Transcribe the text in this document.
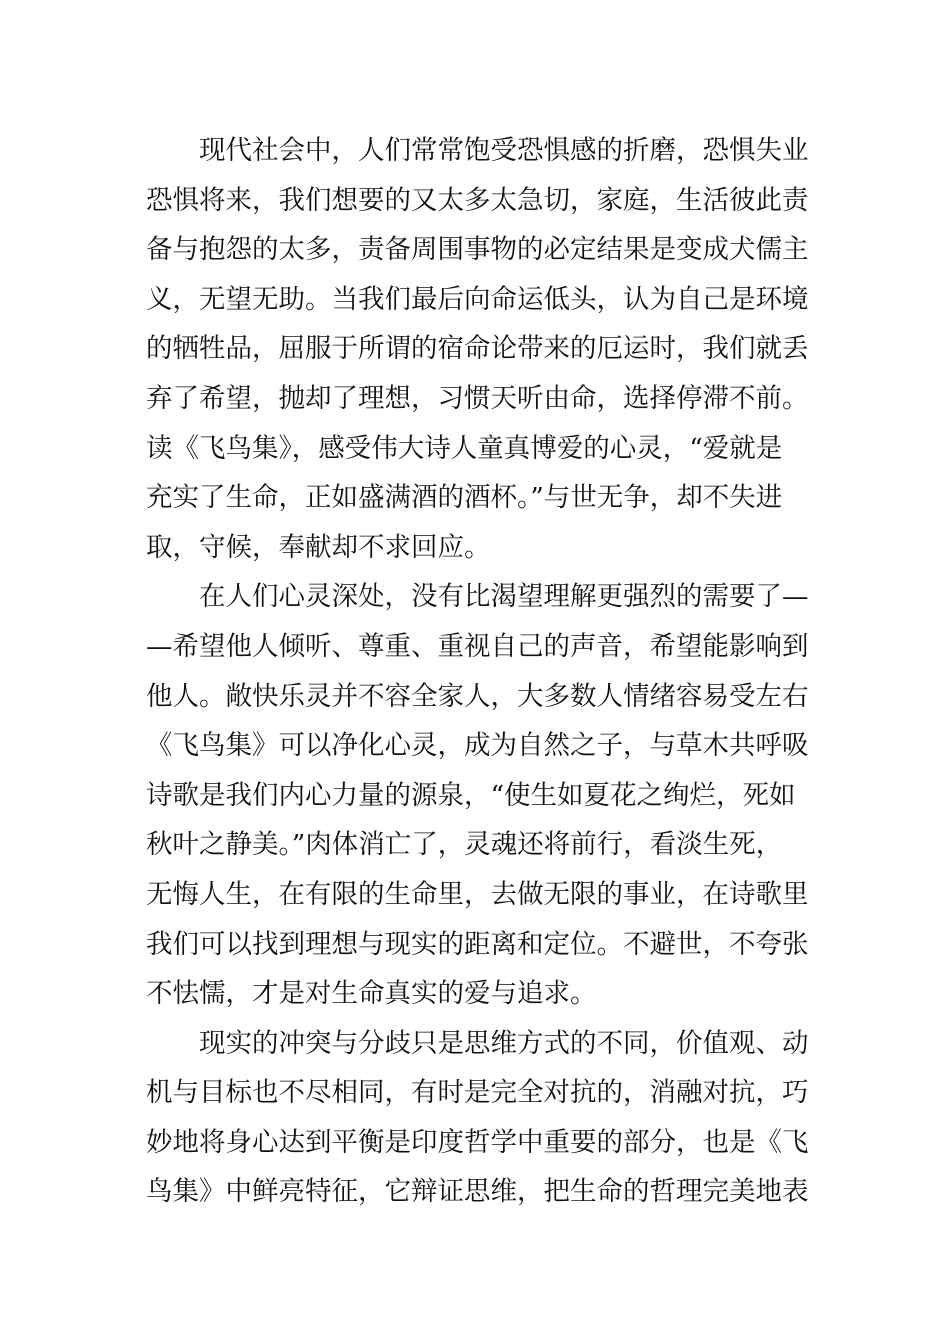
现代社会中，人们常常饱受恐惧感的折磨，恐惧失业
恐惧将来，我们想要的又太多太急切，家庭，生活彼此责
备与抱怨的太多，责备周围事物的必定结果是变成犬儒主
义，无望无助。当我们最后向命运低头，认为自己是环境
的牺牲品，屈服于所谓的宿命论带来的厄运时，我们就丢
弃了希望，抛却了理想，习惯天听由命，选择停滞不前。
读《飞鸟集》，感受伟大诗人童真博爱的心灵，“爱就是
充实了生命，正如盛满酒的酒杯。”与世无争，却不失进
取，守候，奉献却不求回应。
在人们心灵深处，没有比渴望理解更强烈的需要了—
—希望他人倾听、尊重、重视自己的声音，希望能影响到
他人。敞快乐灵并不容全家人，大多数人情绪容易受左右
《飞鸟集》可以净化心灵，成为自然之子，与草木共呼吸
诗歌是我们内心力量的源泉，“使生如夏花之绚烂，死如
秋叶之静美。”肉体消亡了，灵魂还将前行，看淡生死，
无悔人生，在有限的生命里，去做无限的事业，在诗歌里
我们可以找到理想与现实的距离和定位。不避世，不夸张
不怯懦，才是对生命真实的爱与追求。
现实的冲突与分歧只是思维方式的不同，价值观、动
机与目标也不尽相同，有时是完全对抗的，消融对抗，巧
妙地将身心达到平衡是印度哲学中重要的部分，也是《飞
鸟集》中鲜亮特征，它辩证思维，把生命的哲理完美地表
